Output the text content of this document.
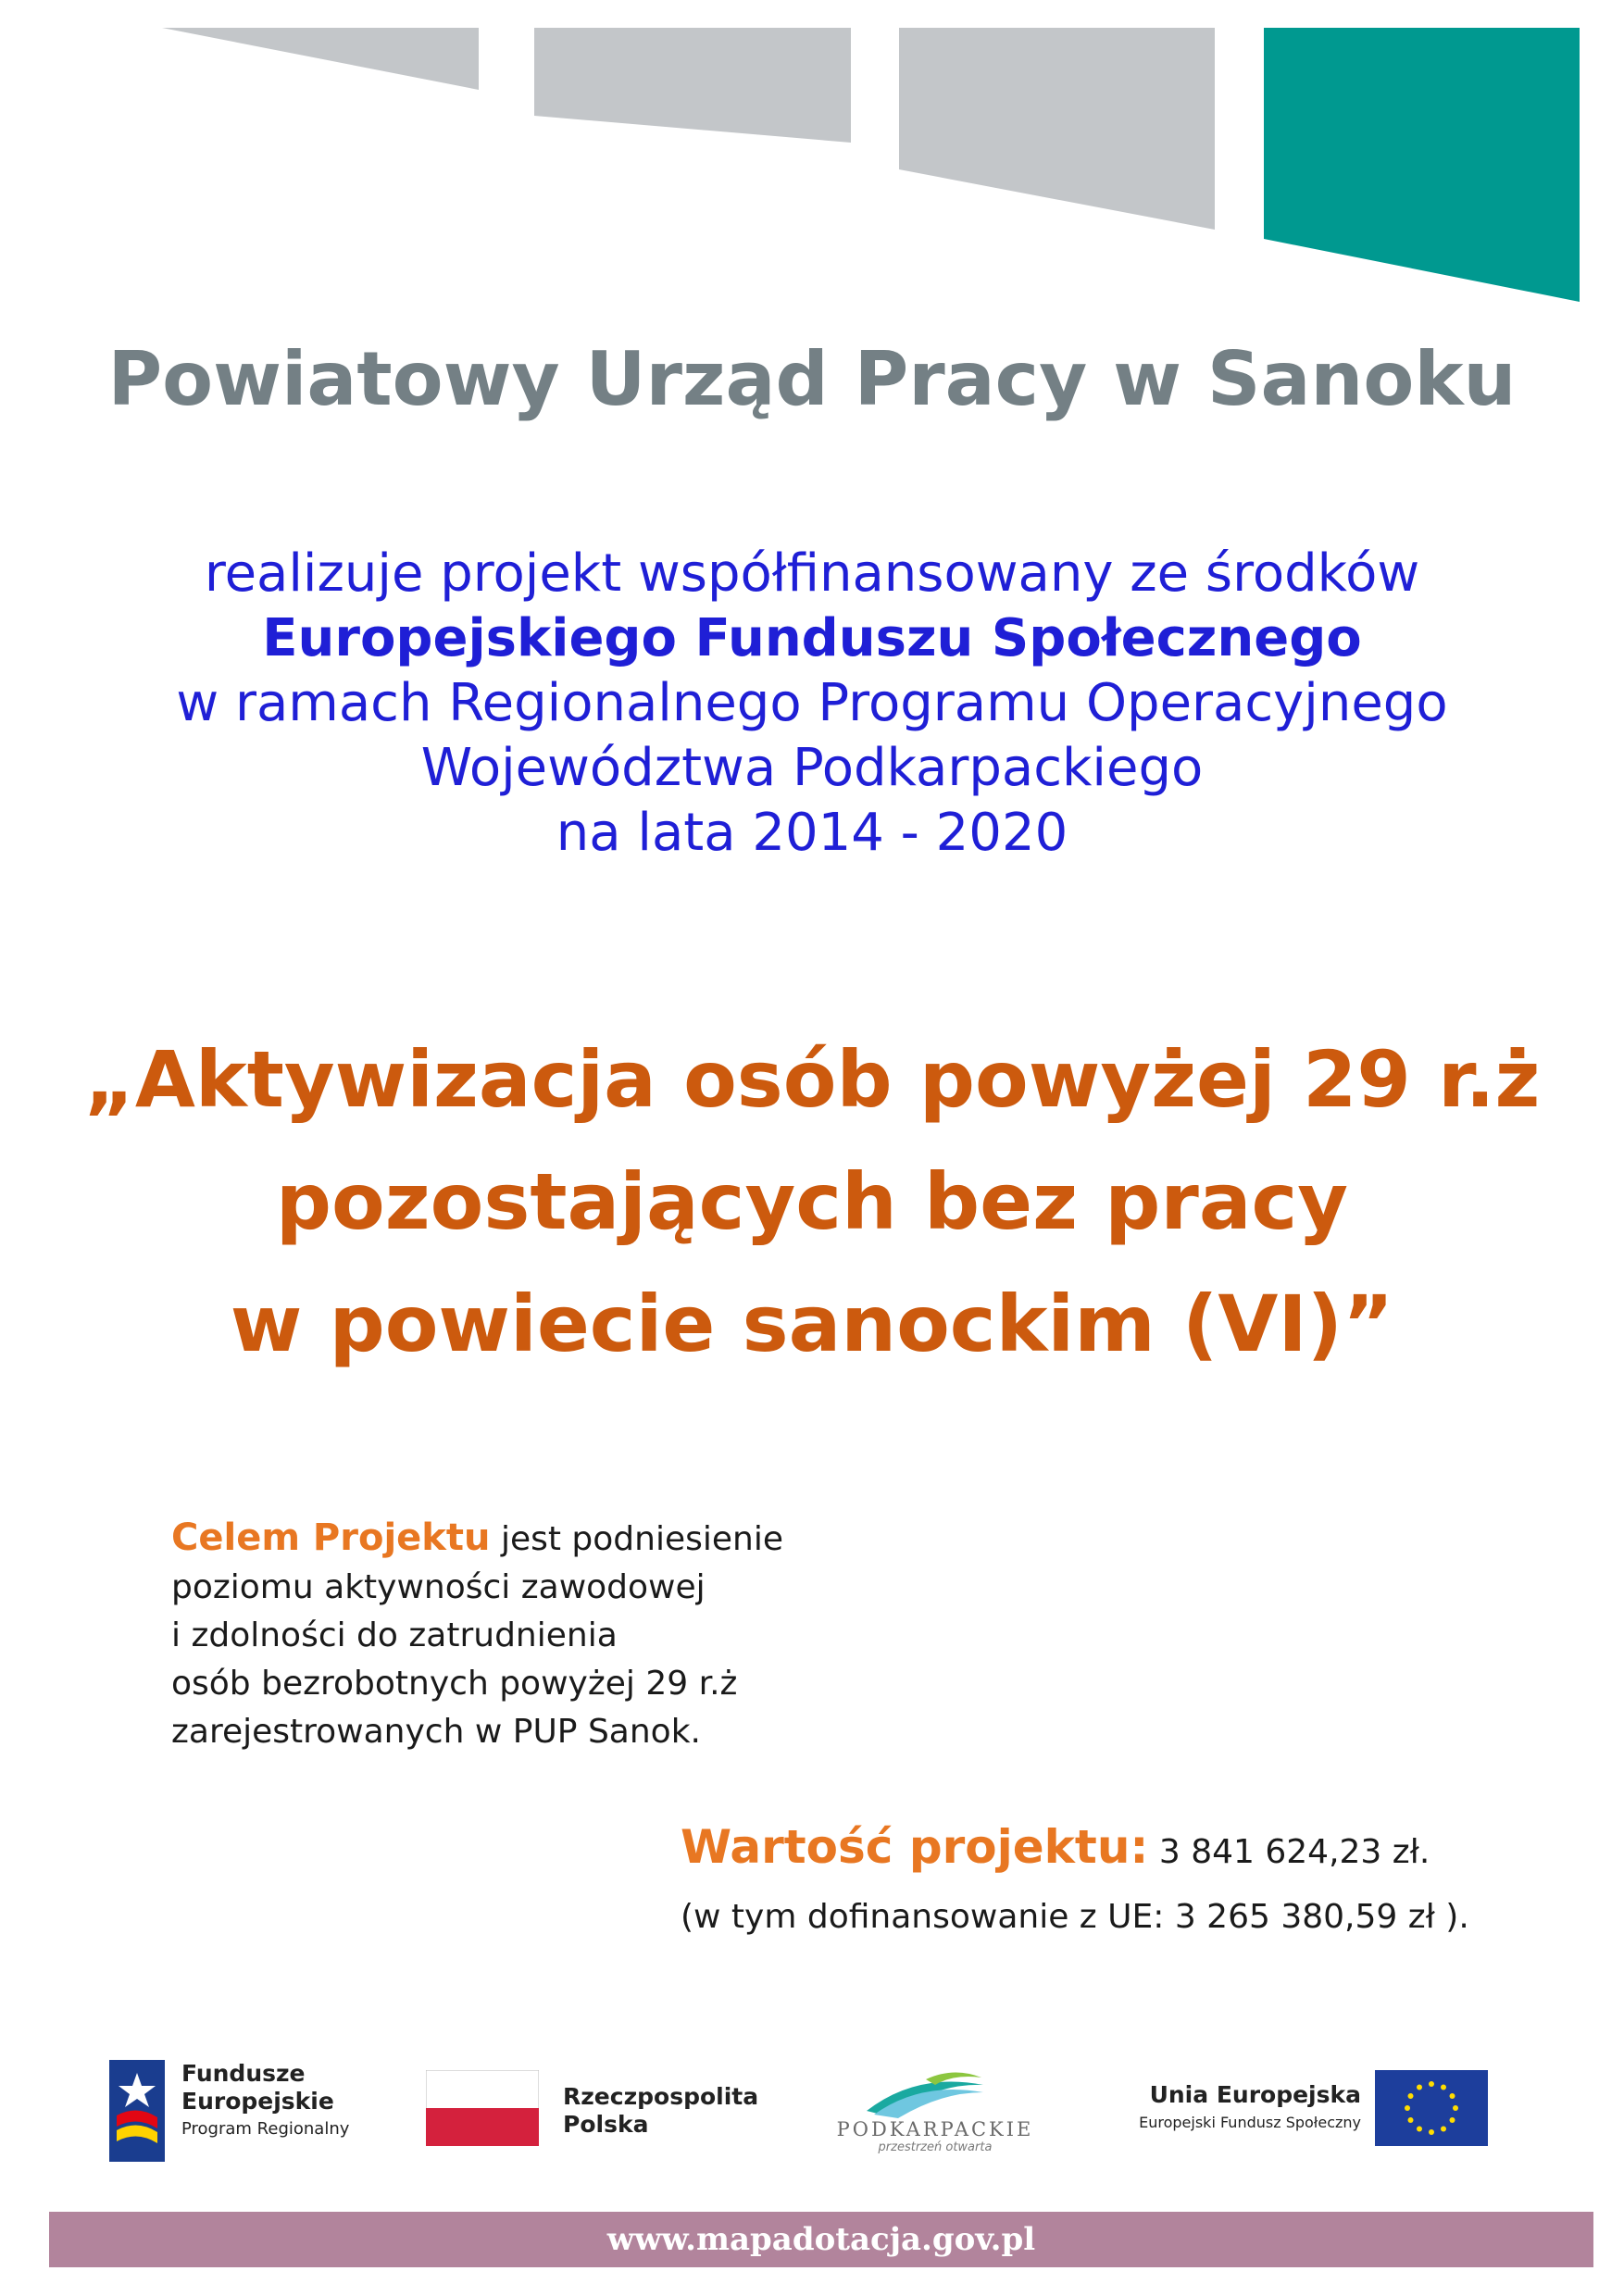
Powiatowy Urząd Pracy w Sanoku
realizuje projekt współfinansowany ze środków
Europejskiego Funduszu Społecznego
w ramach Regionalnego Programu Operacyjnego
Województwa Podkarpackiego
na lata 2014 - 2020
„Aktywizacja osób powyżej 29 r.ż
pozostających bez pracy
w powiecie sanockim (VI)”
Celem Projektu jest podniesienie
poziomu aktywności zawodowej
i zdolności do zatrudnienia
osób bezrobotnych powyżej 29 r.ż
zarejestrowanych w PUP Sanok.
Wartość projektu: 3 841 624,23 zł.
(w tym dofinansowanie z UE: 3 265 380,59 zł ).
Fundusze
Europejskie
Program Regionalny
Rzeczpospolita
Polska	PODKARPACKIE
przestrzeń otwarta
Unia Europejska
Europejski Fundusz Społeczny
www.mapadotacja.gov.pl
